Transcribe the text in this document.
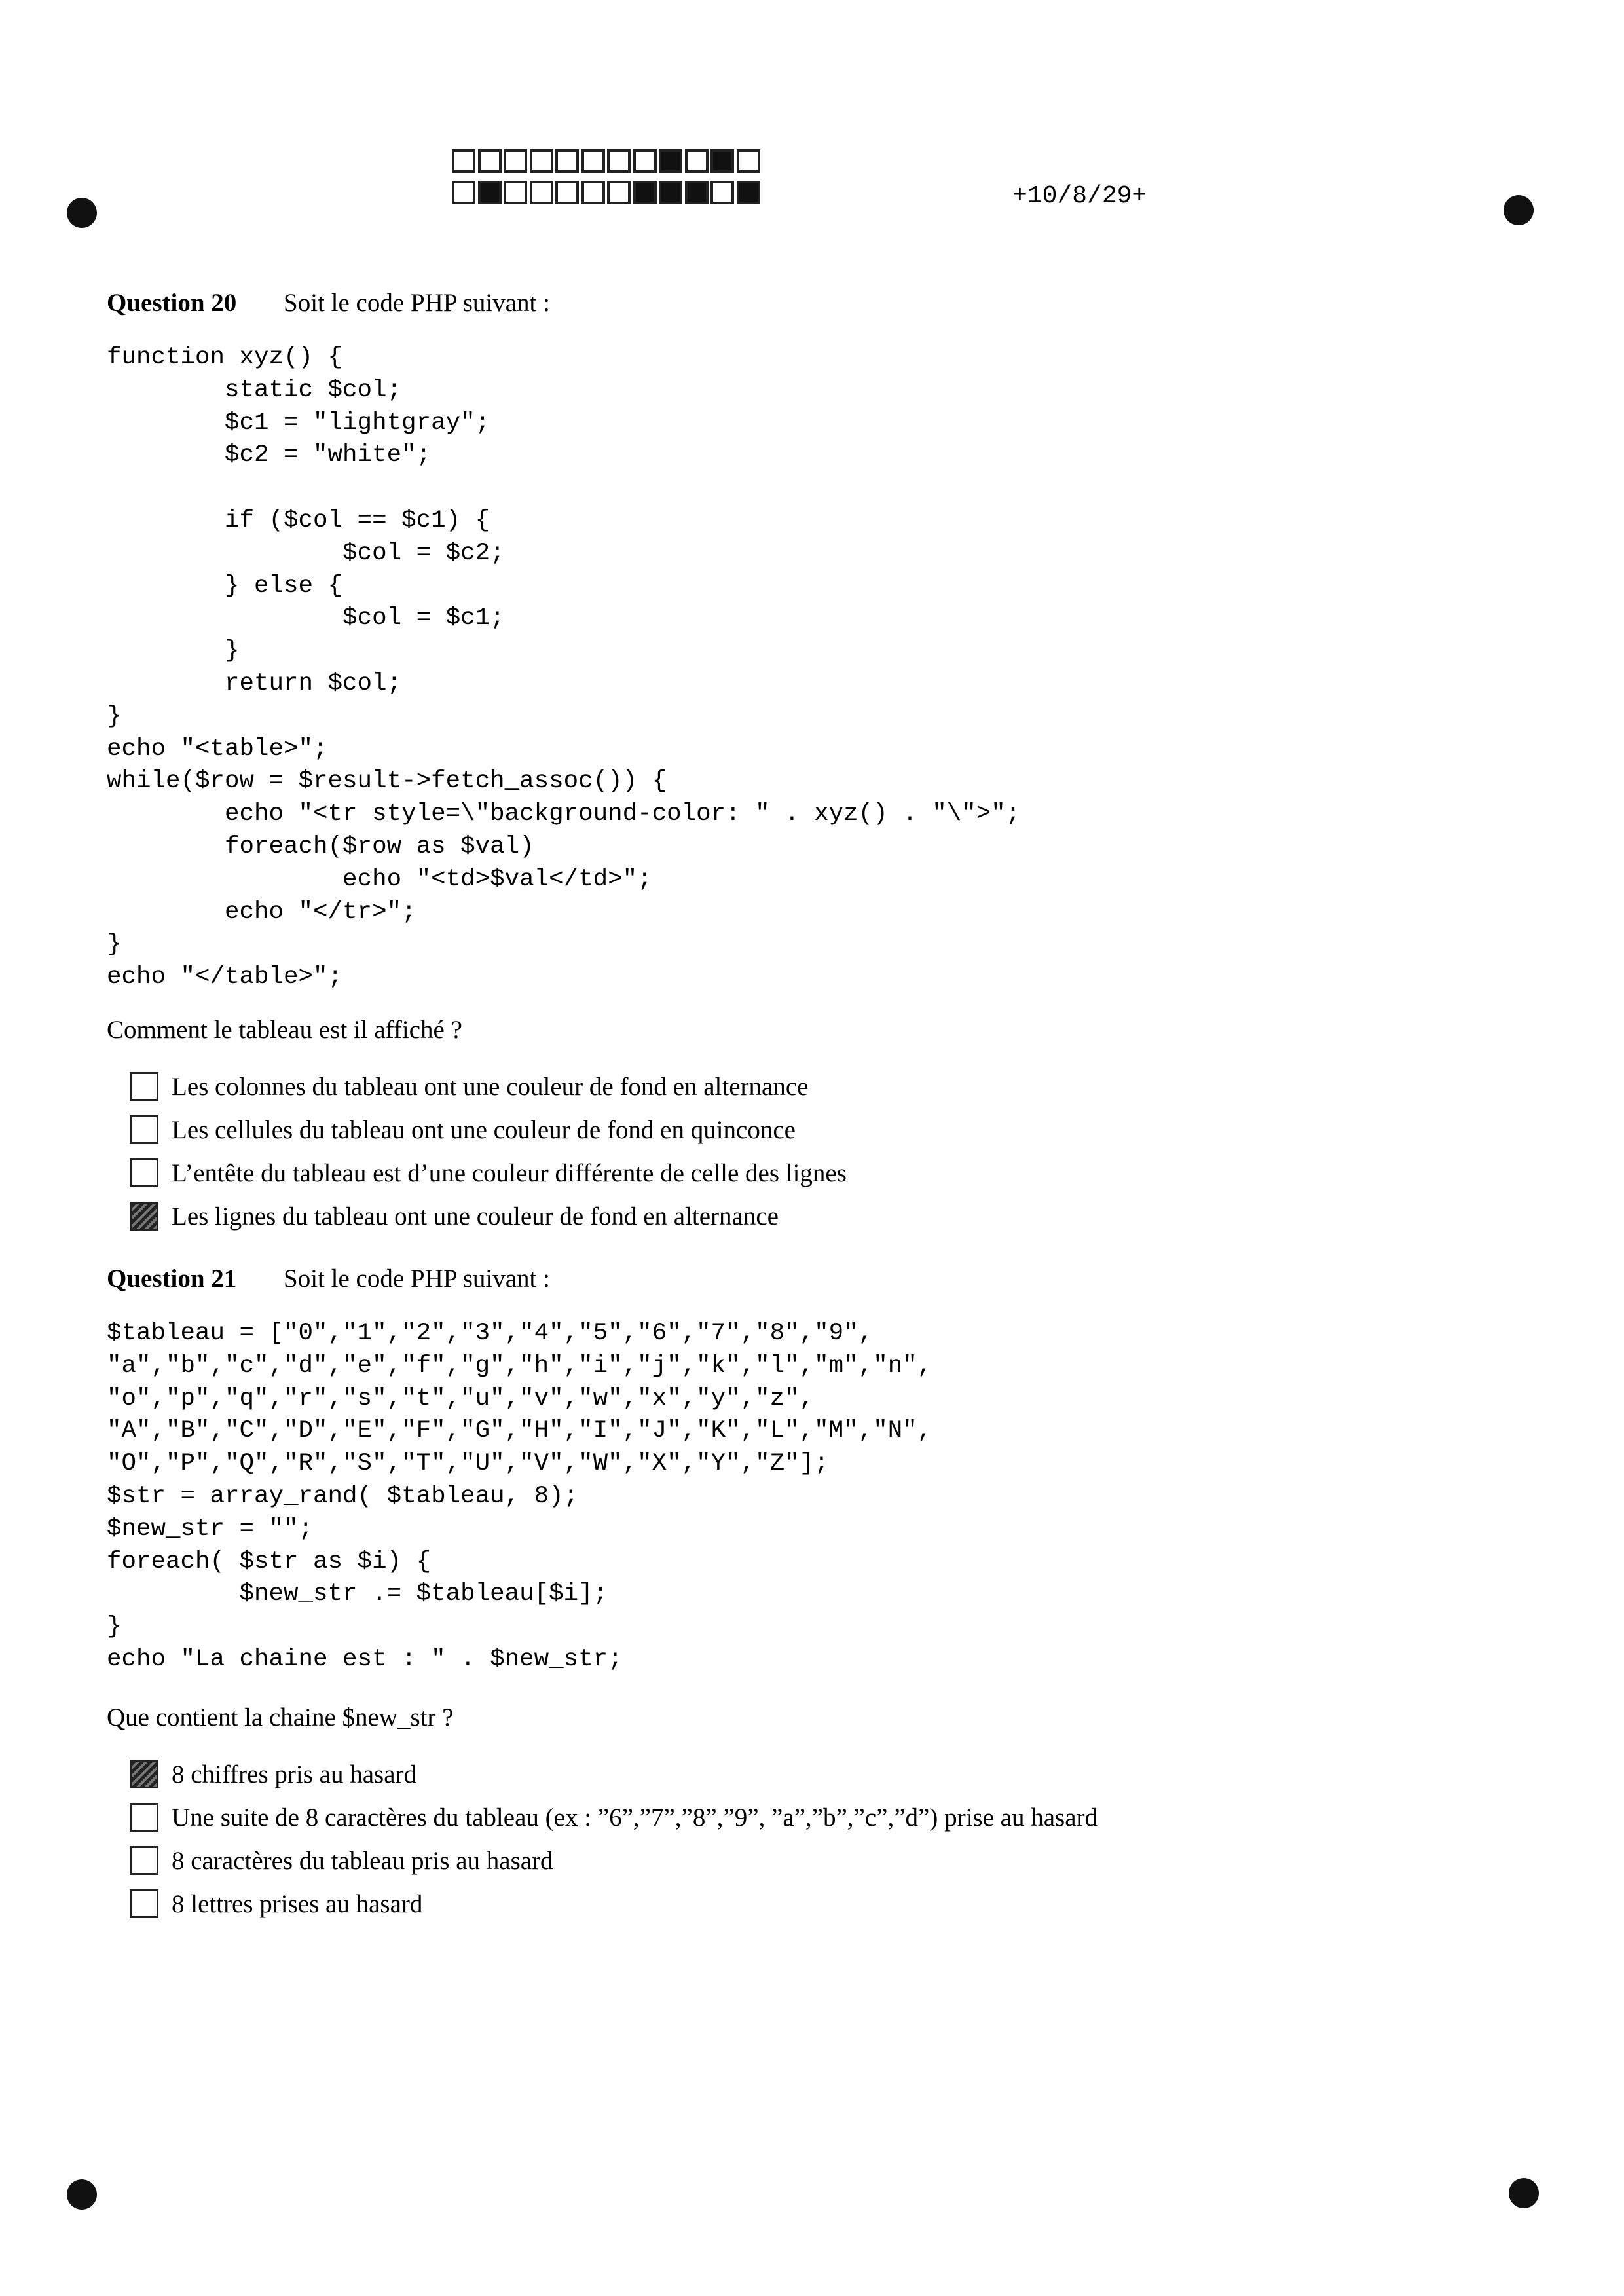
+10/8/29+
Question 20 Soit le code PHP suivant :
function xyz() {
static $col;
$c1 = "lightgray";
$c2 = "white";

if ($col == $c1) {
$col = $c2;
} else {
$col = $c1;
}
return $col;
}
echo "<table>";
while($row = $result->fetch_assoc()) {
echo "<tr style=\"background-color: " . xyz() . "\">";
foreach($row as $val)
echo "<td>$val</td>";
echo "</tr>";
}
echo "</table>";
Comment le tableau est il affiché ?
Les colonnes du tableau ont une couleur de fond en alternance
Les cellules du tableau ont une couleur de fond en quinconce
L’entête du tableau est d’une couleur différente de celle des lignes
Les lignes du tableau ont une couleur de fond en alternance
Question 21 Soit le code PHP suivant :
$tableau = ["0","1","2","3","4","5","6","7","8","9",
"a","b","c","d","e","f","g","h","i","j","k","l","m","n",
"o","p","q","r","s","t","u","v","w","x","y","z",
"A","B","C","D","E","F","G","H","I","J","K","L","M","N",
"O","P","Q","R","S","T","U","V","W","X","Y","Z"];
$str = array_rand( $tableau, 8);
$new_str = "";
foreach( $str as $i) {
$new_str .= $tableau[$i];
}
echo "La chaine est : " . $new_str;
Que contient la chaine $new_str ?
8 chiffres pris au hasard
Une suite de 8 caractères du tableau (ex : ”6”,”7”,”8”,”9”, ”a”,”b”,”c”,”d”) prise au hasard
8 caractères du tableau pris au hasard
8 lettres prises au hasard
